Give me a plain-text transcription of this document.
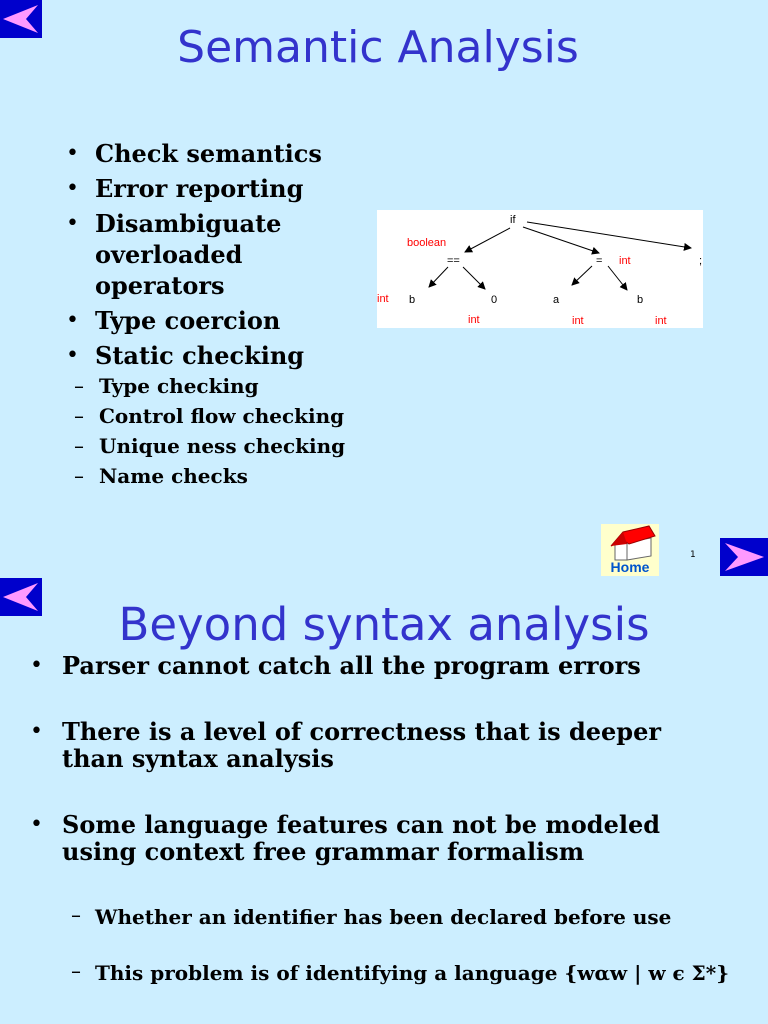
Semantic Analysis
• Check semantics
• Error reporting
• Disambiguate overloaded operators
• Type coercion
• Static checking
– Type checking
– Control flow checking
– Unique ness checking
– Name checks
if
boolean
==	= int	;
int b	0
int
a
int
b
int
Home
1
Beyond syntax analysis
• Parser cannot catch all the program errors
• There is a level of correctness that is deeper than syntax analysis
• Some language features can not be modeled using context free grammar formalism
– Whether an identifier has been declared before use
– This problem is of identifying a language {wαw | w є Σ*}
